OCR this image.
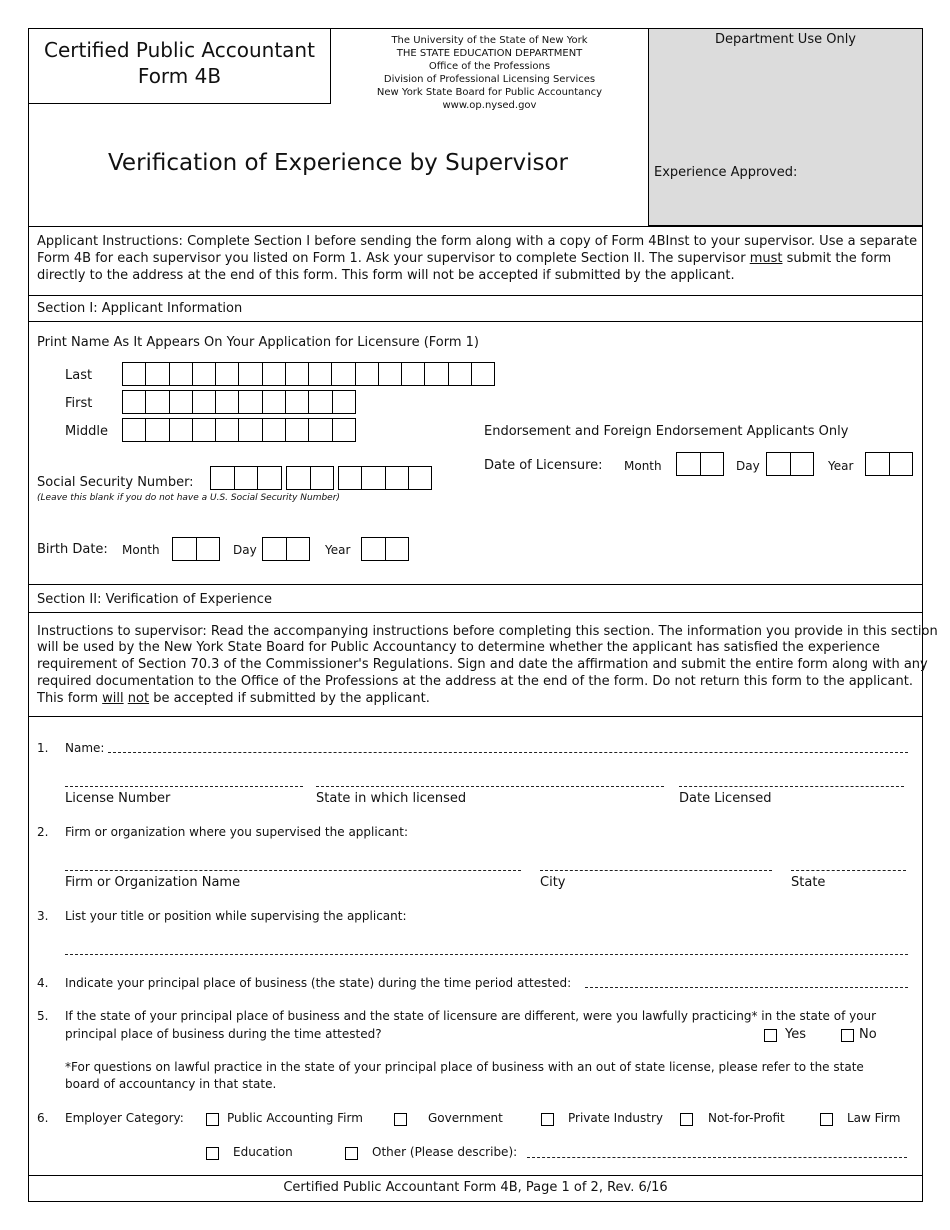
Certified Public Accountant
Form 4B
The University of the State of New York
THE STATE EDUCATION DEPARTMENT
Office of the Professions
Division of Professional Licensing Services
New York State Board for Public Accountancy
www.op.nysed.gov
Department Use Only
Experience Approved:
Verification of Experience by Supervisor
Applicant Instructions: Complete Section I before sending the form along with a copy of Form 4BInst to your supervisor. Use a separate
Form 4B for each supervisor you listed on Form 1. Ask your supervisor to complete Section II. The supervisor must submit the form
directly to the address at the end of this form. This form will not be accepted if submitted by the applicant.
Section I: Applicant Information
Print Name As It Appears On Your Application for Licensure (Form 1)
Last
First
Middle	Endorsement and Foreign Endorsement Applicants Only
Date of Licensure: Month	Day	Year
Social Security Number:
(Leave this blank if you do not have a U.S. Social Security Number)
Birth Date: Month	Day	Year
Section II: Verification of Experience
Instructions to supervisor: Read the accompanying instructions before completing this section. The information you provide in this section
will be used by the New York State Board for Public Accountancy to determine whether the applicant has satisfied the experience
requirement of Section 70.3 of the Commissioner's Regulations. Sign and date the affirmation and submit the entire form along with any
required documentation to the Office of the Professions at the address at the end of the form. Do not return this form to the applicant.
This form will not be accepted if submitted by the applicant.
1. Name:
License Number	State in which licensed	Date Licensed
2. Firm or organization where you supervised the applicant:
Firm or Organization Name	City	State
3. List your title or position while supervising the applicant:
4. Indicate your principal place of business (the state) during the time period attested:
5. If the state of your principal place of business and the state of licensure are different, were you lawfully practicing* in the state of your
principal place of business during the time attested?	Yes	No
*For questions on lawful practice in the state of your principal place of business with an out of state license, please refer to the state
board of accountancy in that state.
6. Employer Category:	Public Accounting Firm	Government	Private Industry	Not-for-Profit	Law Firm
Education	Other (Please describe):
Certified Public Accountant Form 4B, Page 1 of 2, Rev. 6/16
